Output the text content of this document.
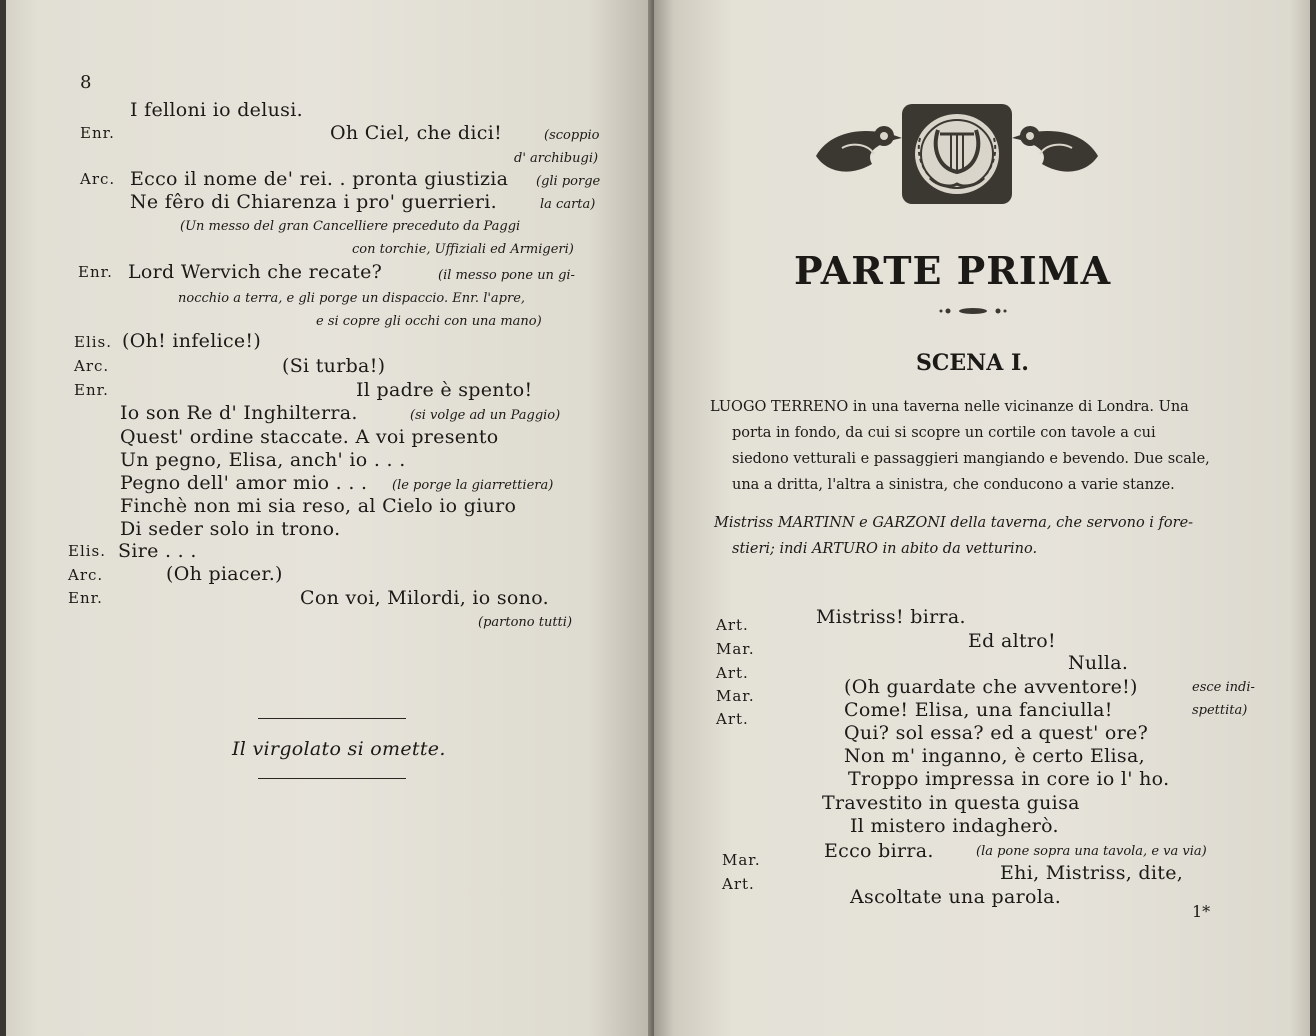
8
I felloni io delusi.
Enr.	Oh Ciel, che dici!	(scoppio
d' archibugi)
Arc. Ecco il nome de' rei. . pronta giustizia (gli porge
Ne fêro di Chiarenza i pro' guerrieri.	la carta)
(Un messo del gran Cancelliere preceduto da Paggi
con torchie, Uffiziali ed Armigeri)
Enr. Lord Wervich che recate?	(il messo pone un gi-
nocchio a terra, e gli porge un dispaccio. Enr. l'apre,
e si copre gli occhi con una mano)
Elis. (Oh! infelice!)
Arc.	(Si turba!)
Enr.	Il padre è spento!
Io son Re d' Inghilterra.	(si volge ad un Paggio)
Quest' ordine staccate. A voi presento
Un pegno, Elisa, anch' io . . .
Pegno dell' amor mio . . . (le porge la giarrettiera)
Finchè non mi sia reso, al Cielo io giuro
Di seder solo in trono.
Elis. Sire . . .
Arc.	(Oh piacer.)
Enr.	Con voi, Milordi, io sono.
(partono tutti)
Il virgolato si omette.
PARTE PRIMA
SCENA I.
LUOGO TERRENO in una taverna nelle vicinanze di Londra. Una
porta in fondo, da cui si scopre un cortile con tavole a cui
siedono vetturali e passaggieri mangiando e bevendo. Due scale,
una a dritta, l'altra a sinistra, che conducono a varie stanze.
Mistriss MARTINN e GARZONI della taverna, che servono i fore-
stieri; indi ARTURO in abito da vetturino.
Art.	Mistriss! birra.
Mar.	Ed altro!
Art.	Nulla.
Mar.	(Oh guardate che avventore!)	esce indi-
Art.	Come! Elisa, una fanciulla!	spettita)
Qui? sol essa? ed a quest' ore?
Non m' inganno, è certo Elisa,
Troppo impressa in core io l' ho.
Travestito in questa guisa
Il mistero indagherò.
Mar.	Ecco birra.	(la pone sopra una tavola, e va via)
Art.	Ehi, Mistriss, dite,
Ascoltate una parola.
1*
